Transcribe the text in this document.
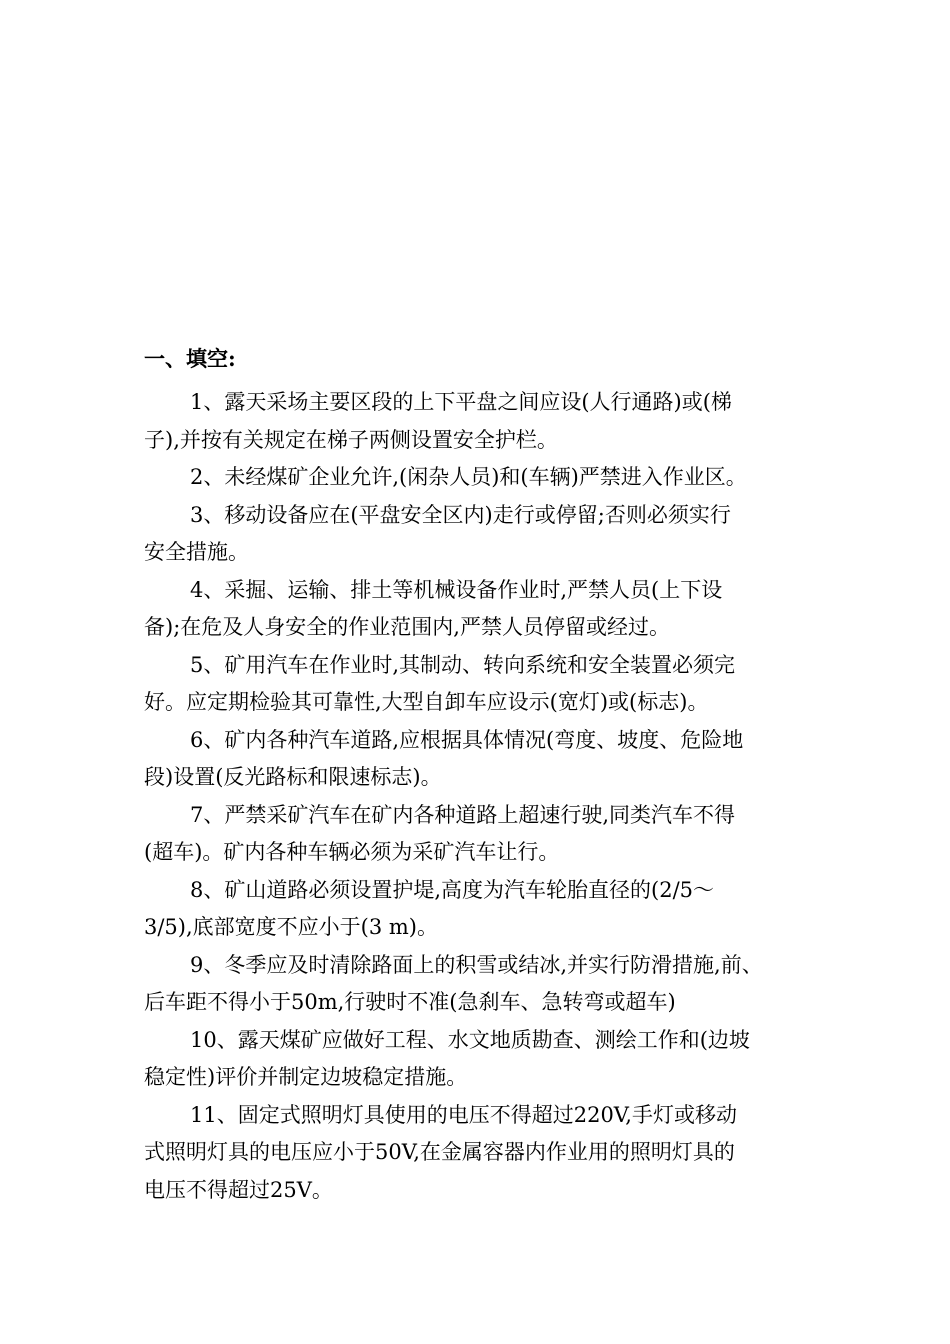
一、填空:

1、露天采场主要区段的上下平盘之间应设(人行通路)或(梯
子),并按有关规定在梯子两侧设置安全护栏。

2、未经煤矿企业允许,(闲杂人员)和(车辆)严禁进入作业区。

3、移动设备应在(平盘安全区内)走行或停留;否则必须实行
安全措施。

4、采掘、运输、排土等机械设备作业时,严禁人员(上下设
备);在危及人身安全的作业范围内,严禁人员停留或经过。

5、矿用汽车在作业时,其制动、转向系统和安全装置必须完
好。应定期检验其可靠性,大型自卸车应设示(宽灯)或(标志)。

6、矿内各种汽车道路,应根据具体情况(弯度、坡度、危险地
段)设置(反光路标和限速标志)。

7、严禁采矿汽车在矿内各种道路上超速行驶,同类汽车不得
(超车)。矿内各种车辆必须为采矿汽车让行。

8、矿山道路必须设置护堤,高度为汽车轮胎直径的(2/5～
3/5),底部宽度不应小于(3 m)。

9、冬季应及时清除路面上的积雪或结冰,并实行防滑措施,前、
后车距不得小于50m,行驶时不准(急刹车、急转弯或超车)

10、露天煤矿应做好工程、水文地质勘查、测绘工作和(边坡
稳定性)评价并制定边坡稳定措施。

11、固定式照明灯具使用的电压不得超过220V,手灯或移动
式照明灯具的电压应小于50V,在金属容器内作业用的照明灯具的
电压不得超过25V。
